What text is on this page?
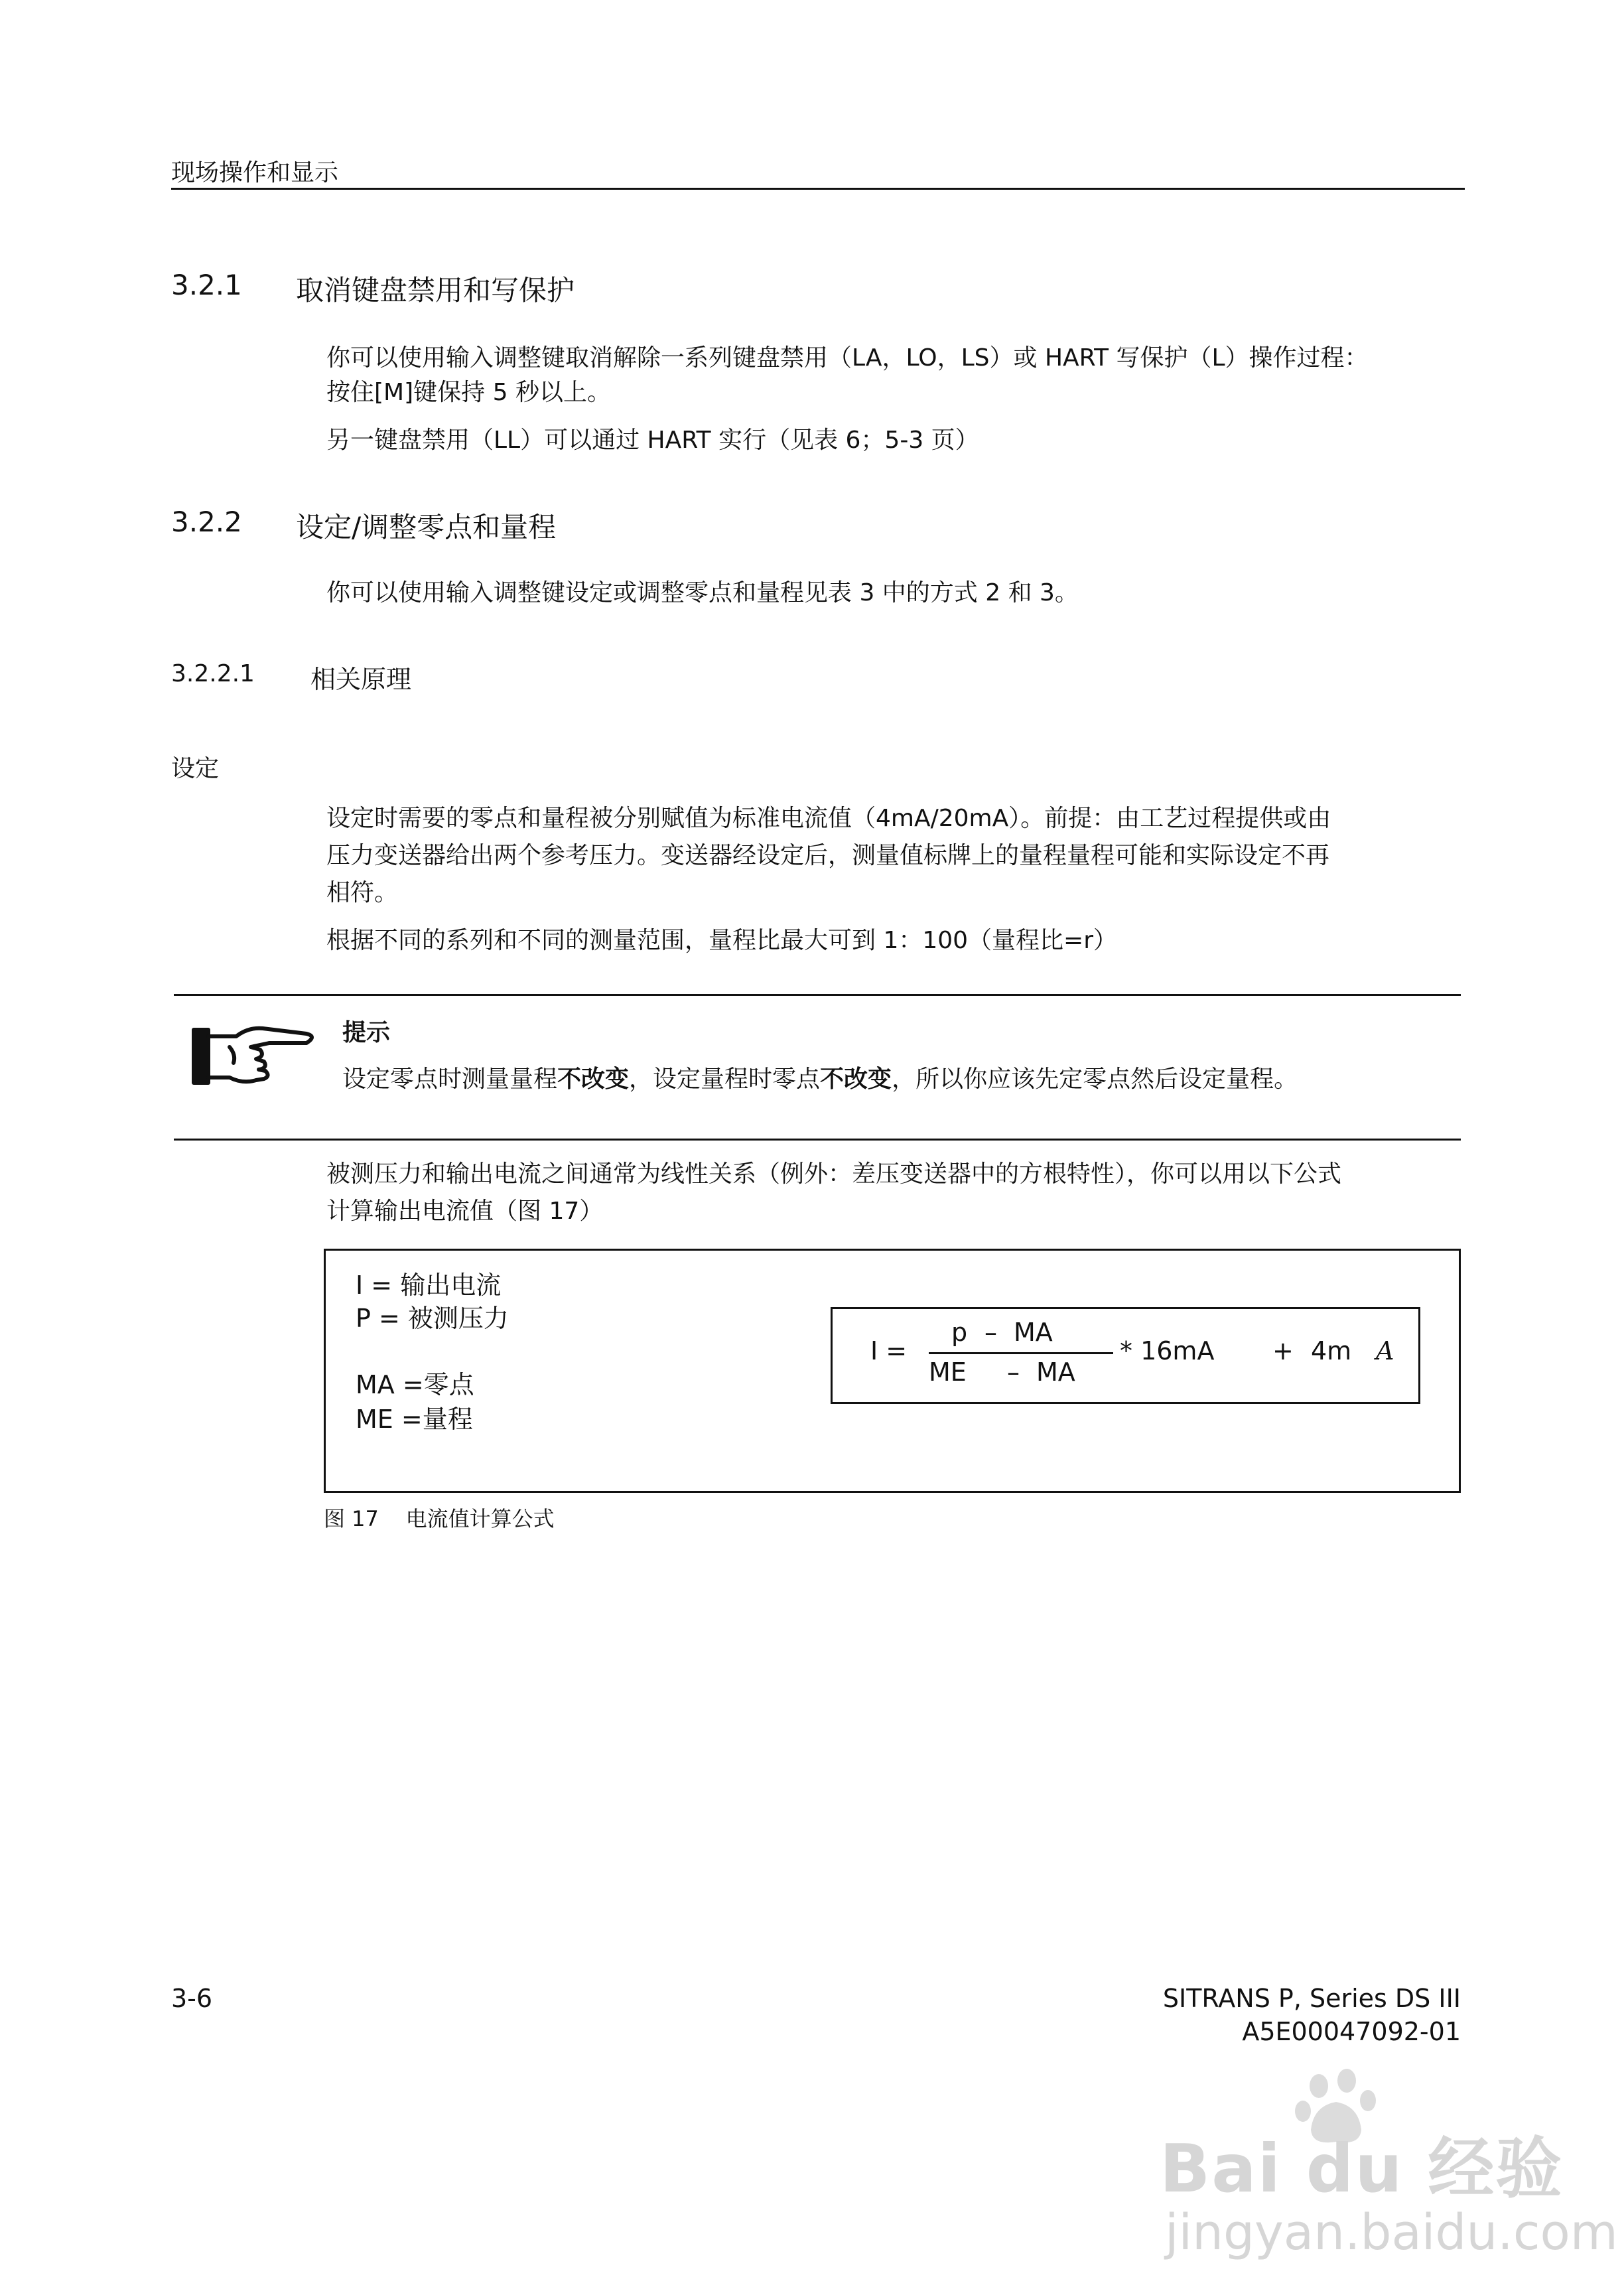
现场操作和显示
3.2.1 取消键盘禁用和写保护
你可以使用输入调整键取消解除一系列键盘禁用（LA，LO，LS）或 HART 写保护（L）操作过程：
按住[M]键保持 5 秒以上。
另一键盘禁用（LL）可以通过 HART 实行（见表 6；5-3 页）
3.2.2 设定/调整零点和量程
你可以使用输入调整键设定或调整零点和量程见表 3 中的方式 2 和 3。
3.2.2.1 相关原理
设定
设定时需要的零点和量程被分别赋值为标准电流值（4mA/20mA）。前提：由工艺过程提供或由
压力变送器给出两个参考压力。变送器经设定后，测量值标牌上的量程量程可能和实际设定不再
相符。
根据不同的系列和不同的测量范围，量程比最大可到 1：100（量程比=r）
提示
设定零点时测量量程不改变，设定量程时零点不改变，所以你应该先定零点然后设定量程。
被测压力和输出电流之间通常为线性关系（例外：差压变送器中的方根特性），你可以用以下公式
计算输出电流值（图 17）
I = 输出电流
P = 被测压力
MA =零点
ME =量程
I =
p – MA
ME – MA
* 16mA + 4m A
图 17    电流值计算公式
3-6	SITRANS P, Series DS III
A5E00047092-01
Bai du 经验
jingyan.baidu.com
